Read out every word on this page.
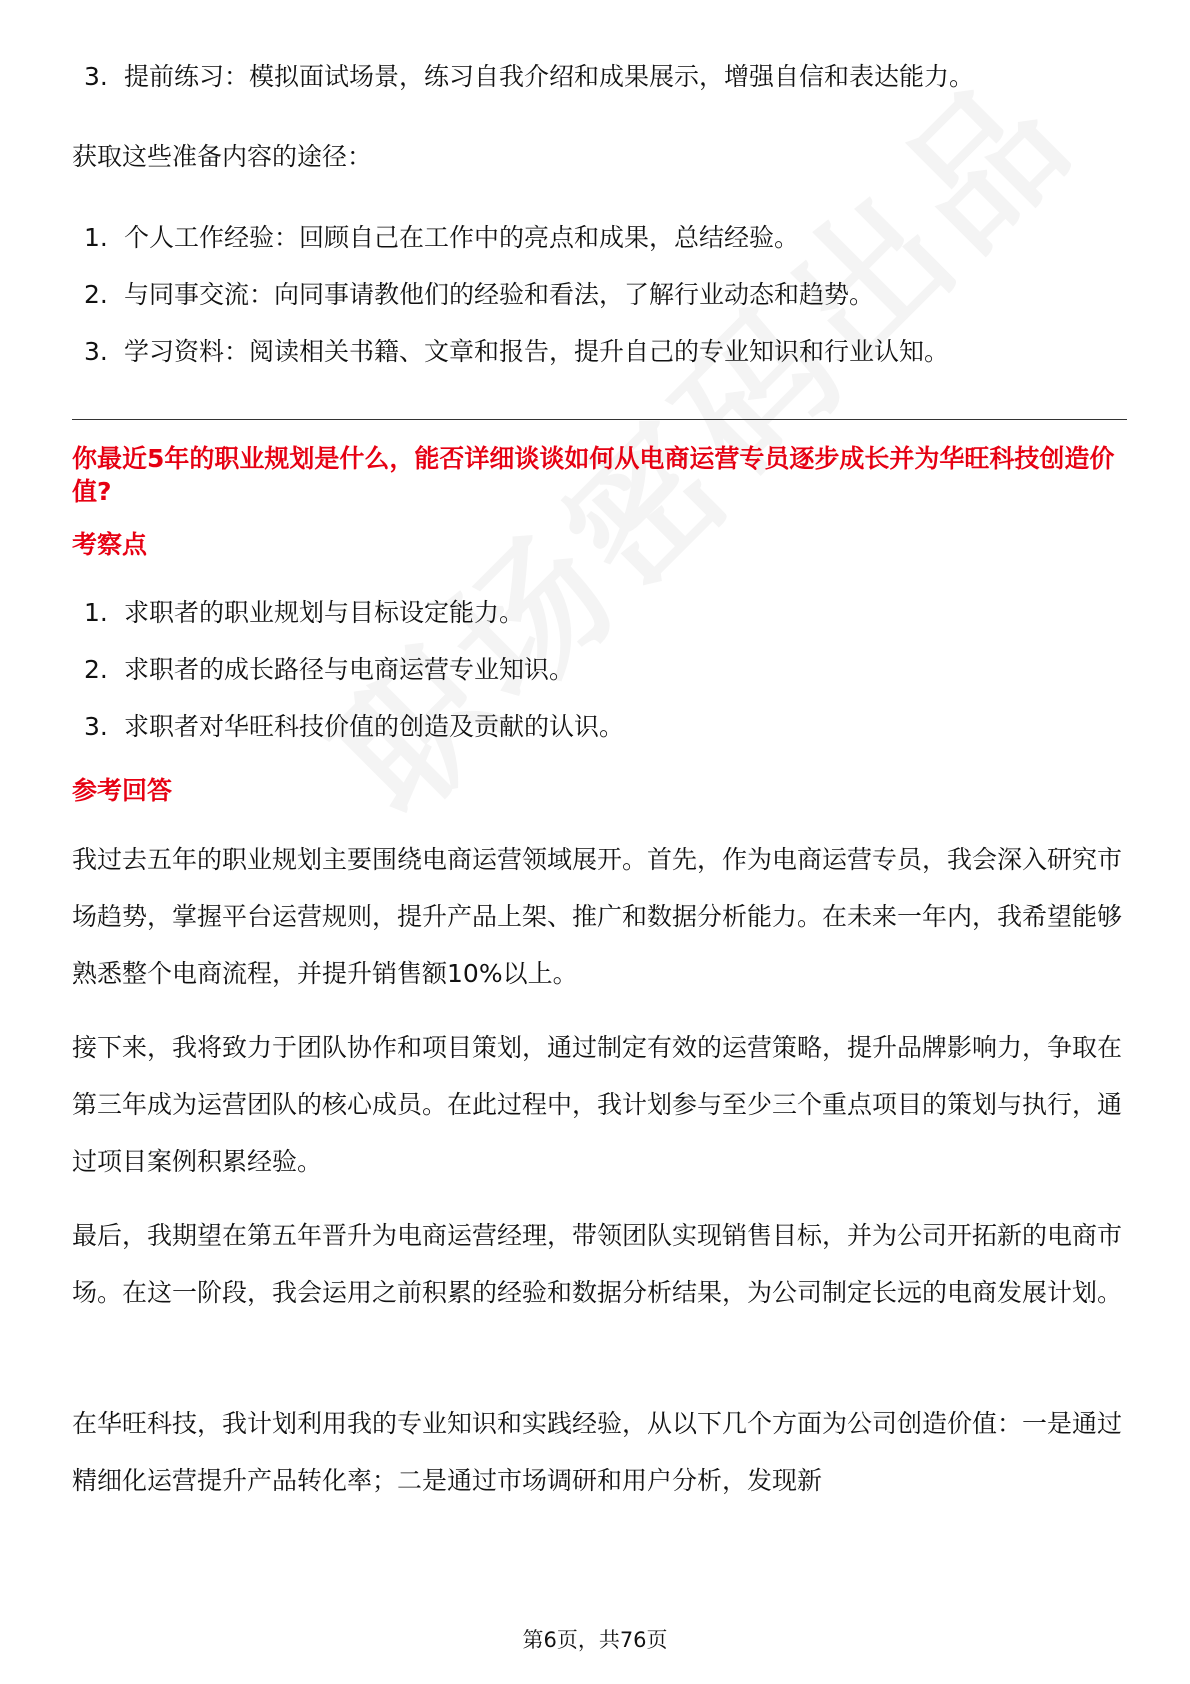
3. 提前练习：模拟面试场景，练习自我介绍和成果展示，增强自信和表达能力。

获取这些准备内容的途径：

1. 个人工作经验：回顾自己在工作中的亮点和成果，总结经验。
2. 与同事交流：向同事请教他们的经验和看法，了解行业动态和趋势。
3. 学习资料：阅读相关书籍、文章和报告，提升自己的专业知识和行业认知。

你最近5年的职业规划是什么，能否详细谈谈如何从电商运营专员逐步成长并为华旺科技创造价值?

考察点

1. 求职者的职业规划与目标设定能力。
2. 求职者的成长路径与电商运营专业知识。
3. 求职者对华旺科技价值的创造及贡献的认识。

参考回答

我过去五年的职业规划主要围绕电商运营领域展开。首先，作为电商运营专员，我会深入研究市场趋势，掌握平台运营规则，提升产品上架、推广和数据分析能力。在未来一年内，我希望能够熟悉整个电商流程，并提升销售额10%以上。

接下来，我将致力于团队协作和项目策划，通过制定有效的运营策略，提升品牌影响力，争取在第三年成为运营团队的核心成员。在此过程中，我计划参与至少三个重点项目的策划与执行，通过项目案例积累经验。

最后，我期望在第五年晋升为电商运营经理，带领团队实现销售目标，并为公司开拓新的电商市场。在这一阶段，我会运用之前积累的经验和数据分析结果，为公司制定长远的电商发展计划。

在华旺科技，我计划利用我的专业知识和实践经验，从以下几个方面为公司创造价值：一是通过精细化运营提升产品转化率；二是通过市场调研和用户分析，发现新

第6页，共76页
